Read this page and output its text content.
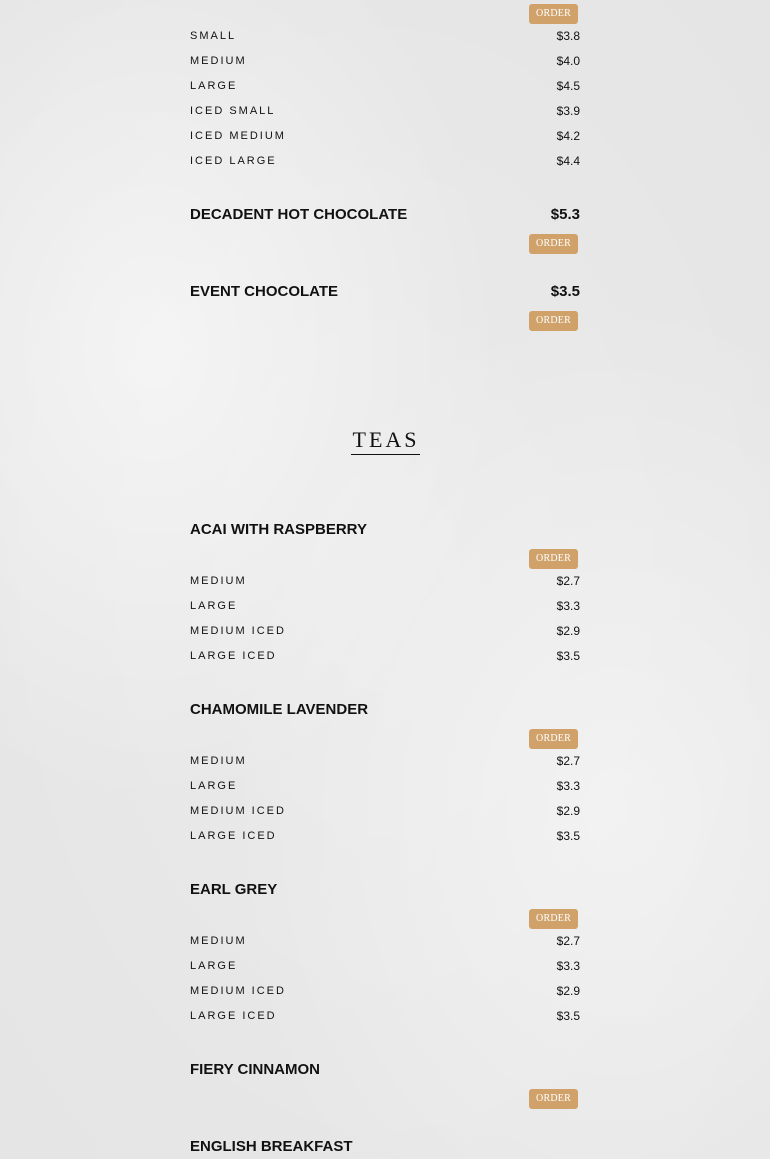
ORDER
SMALL	$3.8
MEDIUM	$4.0
LARGE	$4.5
ICED SMALL	$3.9
ICED MEDIUM	$4.2
ICED LARGE	$4.4
DECADENT HOT CHOCOLATE	$5.3
ORDER
EVENT CHOCOLATE	$3.5
ORDER
TEAS
ACAI WITH RASPBERRY
ORDER
MEDIUM	$2.7
LARGE	$3.3
MEDIUM ICED	$2.9
LARGE ICED	$3.5
CHAMOMILE LAVENDER
ORDER
MEDIUM	$2.7
LARGE	$3.3
MEDIUM ICED	$2.9
LARGE ICED	$3.5
EARL GREY
ORDER
MEDIUM	$2.7
LARGE	$3.3
MEDIUM ICED	$2.9
LARGE ICED	$3.5
FIERY CINNAMON
ORDER
ENGLISH BREAKFAST
